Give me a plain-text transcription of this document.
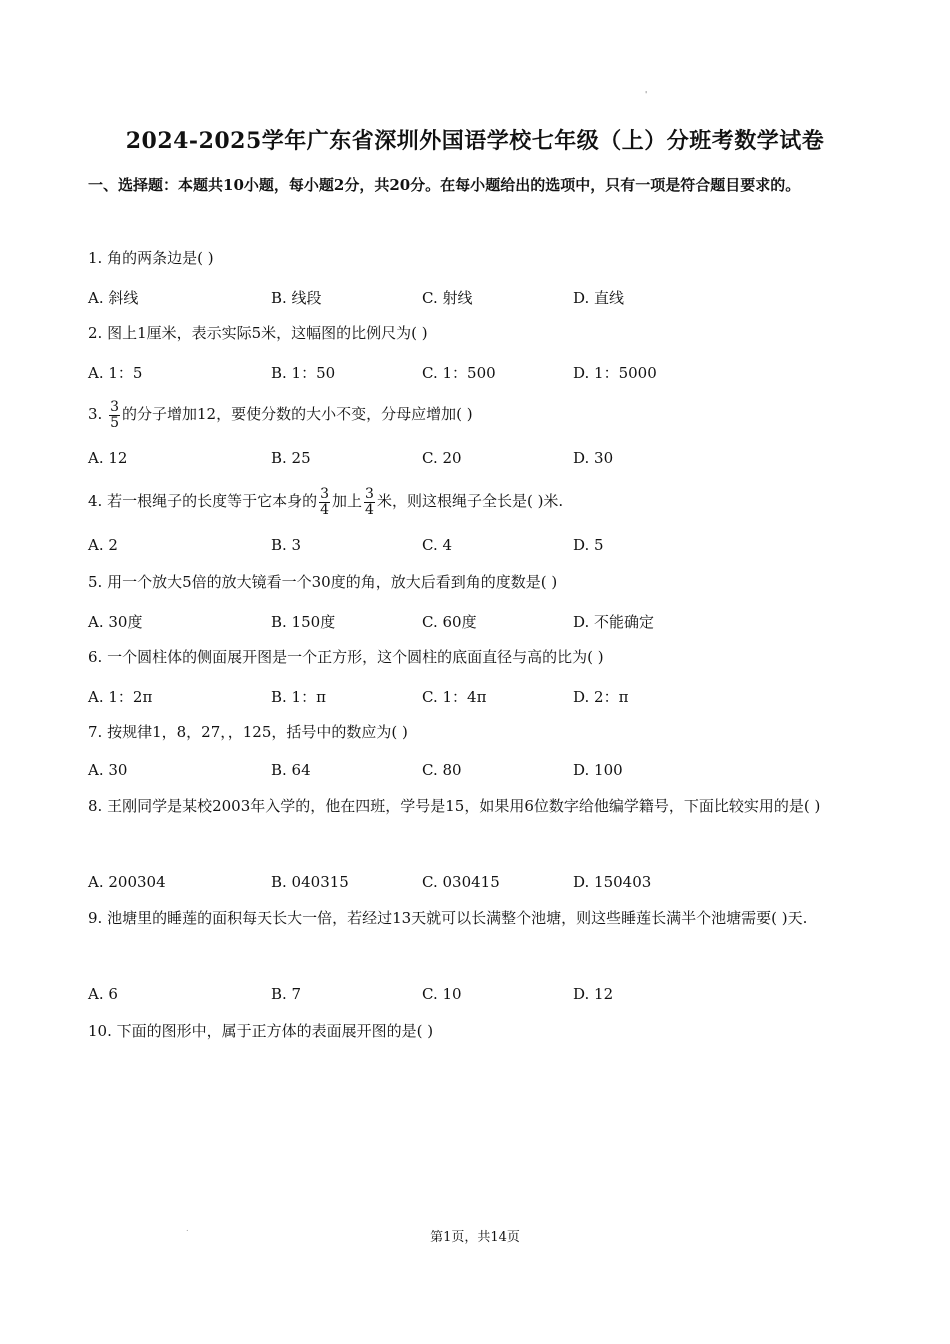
'
2024-2025学年广东省深圳外国语学校七年级（上）分班考数学试卷
一、选择题：本题共10小题，每小题2分，共20分。在每小题给出的选项中，只有一项是符合题目要求的。
1. 角的两条边是( )
A. 斜线	B. 线段	C. 射线	D. 直线
2. 图上1厘米，表示实际5米，这幅图的比例尺为( )
A. 1：5	B. 1：50	C. 1：500	D. 1：5000
3. $\frac{3}{5}$ 的分子增加12，要使分数的大小不变，分母应增加( )
A. 12	B. 25	C. 20	D. 30
4. 若一根绳子的长度等于它本身的 $\frac{3}{4}$ 加上 $\frac{3}{4}$ 米，则这根绳子全长是( )米.
A. 2	B. 3	C. 4	D. 5
5. 用一个放大5倍的放大镜看一个30度的角，放大后看到角的度数是( )
A. 30度	B. 150度	C. 60度	D. 不能确定
6. 一个圆柱体的侧面展开图是一个正方形，这个圆柱的底面直径与高的比为( )
A. 1：2π	B. 1：π	C. 1：4π	D. 2：π
7. 按规律1，8，27，，125，括号中的数应为( )
A. 30	B. 64	C. 80	D. 100
8. 王刚同学是某校2003年入学的，他在四班，学号是15，如果用6位数字给他编学籍号，下面比较实用的是( )
A. 200304	B. 040315	C. 030415	D. 150403
9. 池塘里的睡莲的面积每天长大一倍，若经过13天就可以长满整个池塘，则这些睡莲长满半个池塘需要( )天.
A. 6	B. 7	C. 10	D. 12
10. 下面的图形中，属于正方体的表面展开图的是( )
.
第1页，共14页
